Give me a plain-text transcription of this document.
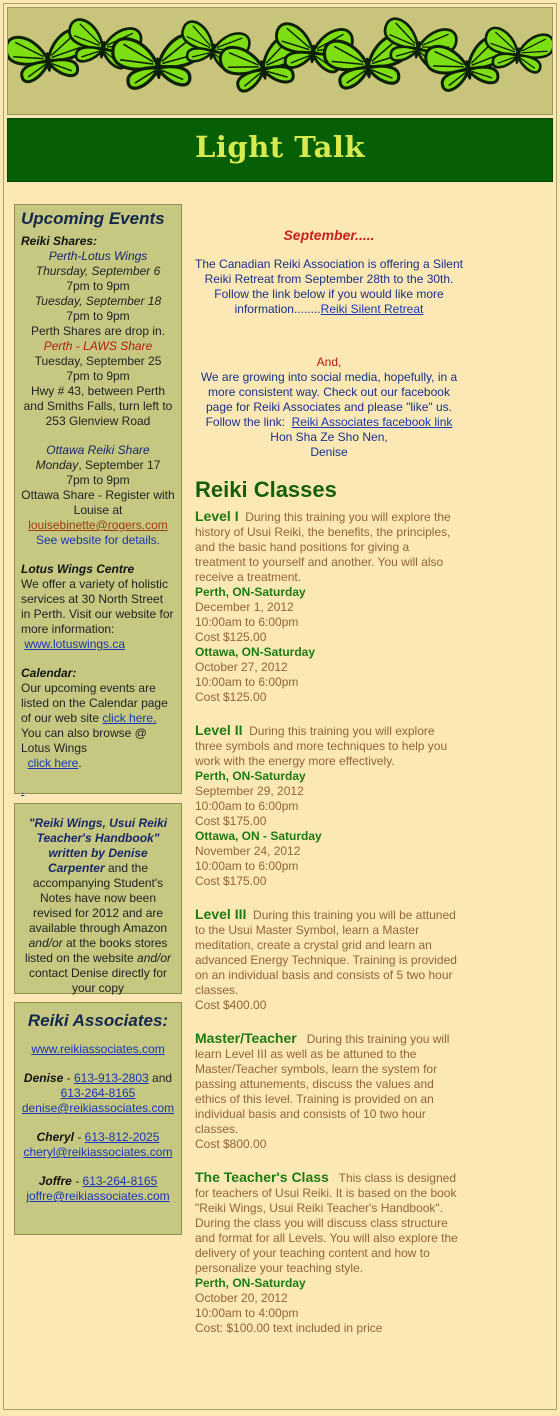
Light Talk
Upcoming Events
Reiki Shares:
Perth-Lotus Wings
Thursday, September 6
7pm to 9pm
Tuesday, September 18
7pm to 9pm
Perth Shares are drop in.
Perth - LAWS Share
Tuesday, September 25
7pm to 9pm
Hwy # 43, between Perth and Smiths Falls, turn left to 253 Glenview Road
Ottawa Reiki Share
Monday, September 17
7pm to 9pm
Ottawa Share - Register with Louise at
louisebinette@rogers.com
See website for details.
Lotus Wings Centre
We offer a variety of holistic services at 30 North Street in Perth. Visit our website for more information:
www.lotuswings.ca
Calendar:
Our upcoming events are listed on the Calendar page of our web site click here.
You can also browse @ Lotus Wings
click here.
.
"Reiki Wings, Usui Reiki Teacher's Handbook" written by Denise Carpenter and the accompanying Student's Notes have now been revised for 2012 and are available through Amazon and/or at the books stores listed on the website and/or contact Denise directly for your copy
Reiki Associates:
www.reikiassociates.com
Denise - 613-913-2803 and
613-264-8165
denise@reikiassociates.com
Cheryl - 613-812-2025
cheryl@reikiassociates.com
Joffre - 613-264-8165
joffre@reikiassociates.com
September.....
The Canadian Reiki Association is offering a Silent Reiki Retreat from September 28th to the 30th. Follow the link below if you would like more information........Reiki Silent Retreat
And,
We are growing into social media, hopefully, in a more consistent way. Check out our facebook page for Reiki Associates and please "like" us. Follow the link: Reiki Associates facebook link
Hon Sha Ze Sho Nen,
Denise
Reiki Classes

Level I During this training you will explore the history of Usui Reiki, the benefits, the principles, and the basic hand positions for giving a treatment to yourself and another. You will also receive a treatment.

Perth, ON-Saturday
December 1, 2012
10:00am to 6:00pm
Cost $125.00
Ottawa, ON-Saturday
October 27, 2012
10:00am to 6:00pm
Cost $125.00

Level II During this training you will explore three symbols and more techniques to help you work with the energy more effectively.

Perth, ON-Saturday
September 29, 2012
10:00am to 6:00pm
Cost $175.00
Ottawa, ON - Saturday
November 24, 2012
10:00am to 6:00pm
Cost $175.00

Level III During this training you will be attuned to the Usui Master Symbol, learn a Master meditation, create a crystal grid and learn an advanced Energy Technique. Training is provided on an individual basis and consists of 5 two hour classes.

Cost $400.00

Master/Teacher During this training you will learn Level III as well as be attuned to the Master/Teacher symbols, learn the system for passing attunements, discuss the values and ethics of this level. Training is provided on an individual basis and consists of 10 two hour classes.

Cost $800.00

The Teacher's Class This class is designed for teachers of Usui Reiki. It is based on the book "Reiki Wings, Usui Reiki Teacher's Handbook". During the class you will discuss class structure and format for all Levels. You will also explore the delivery of your teaching content and how to personalize your teaching style.

Perth, ON-Saturday
October 20, 2012
10:00am to 4:00pm
Cost: $100.00 text included in price
